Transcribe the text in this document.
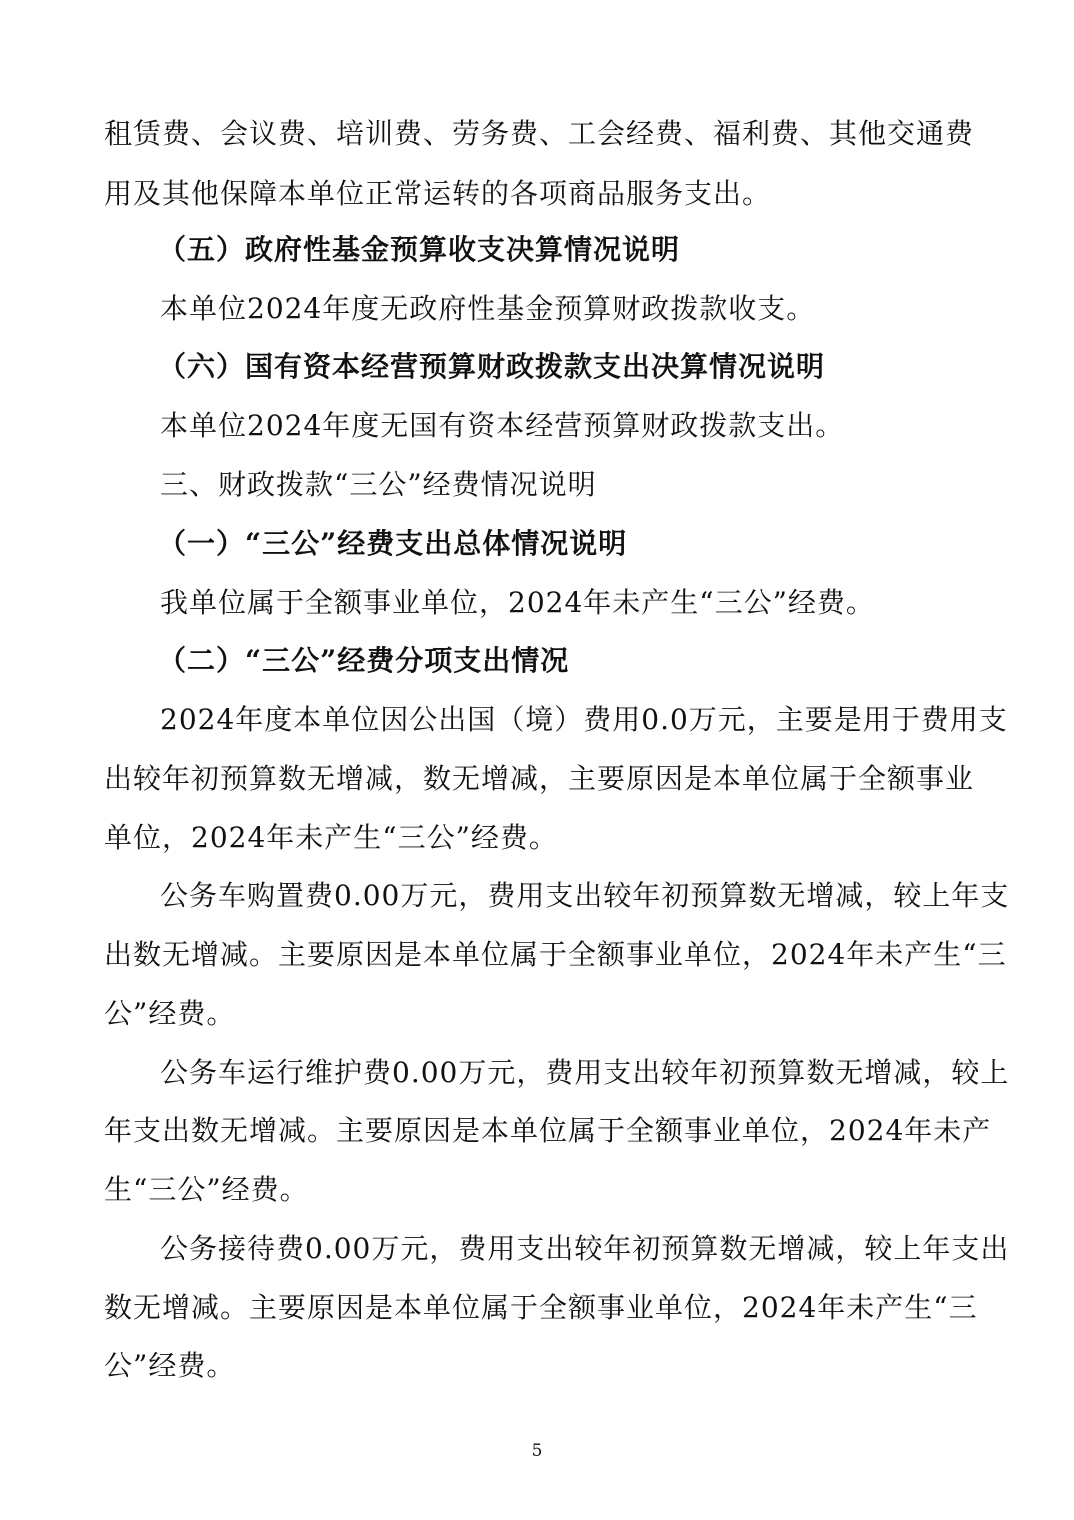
租赁费、会议费、培训费、劳务费、工会经费、福利费、其他交通费
用及其他保障本单位正常运转的各项商品服务支出。
（五）政府性基金预算收支决算情况说明
本单位2024年度无政府性基金预算财政拨款收支。
（六）国有资本经营预算财政拨款支出决算情况说明
本单位2024年度无国有资本经营预算财政拨款支出。
三、财政拨款“三公”经费情况说明
（一）“三公”经费支出总体情况说明
我单位属于全额事业单位，2024年未产生“三公”经费。
（二）“三公”经费分项支出情况
2024年度本单位因公出国（境）费用0.0万元，主要是用于费用支
出较年初预算数无增减，数无增减，主要原因是本单位属于全额事业
单位，2024年未产生“三公”经费。
公务车购置费0.00万元，费用支出较年初预算数无增减，较上年支
出数无增减。主要原因是本单位属于全额事业单位，2024年未产生“三
公”经费。
公务车运行维护费0.00万元，费用支出较年初预算数无增减，较上
年支出数无增减。主要原因是本单位属于全额事业单位，2024年未产
生“三公”经费。
公务接待费0.00万元，费用支出较年初预算数无增减，较上年支出
数无增减。主要原因是本单位属于全额事业单位，2024年未产生“三
公”经费。
5
